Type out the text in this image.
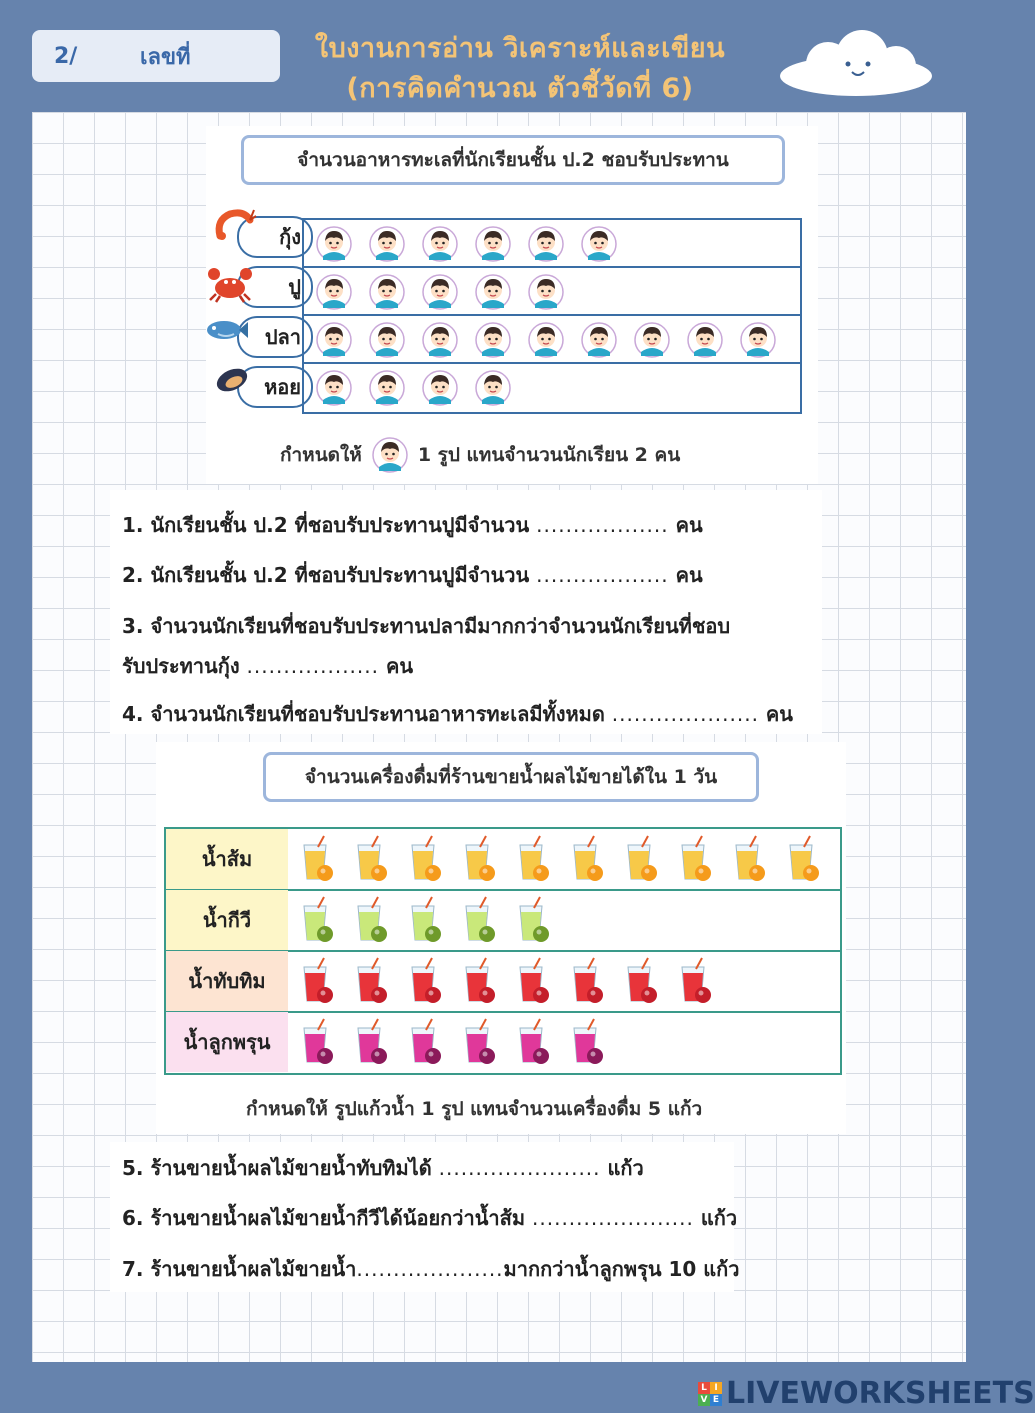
2/	เลขที่	ใบงานการอ่าน วิเคราะห์และเขียน
(การคิดคำนวณ ตัวชี้วัดที่ 6)
จำนวนอาหารทะเลที่นักเรียนชั้น ป.2 ชอบรับประทาน
กุ้ง
ปู
ปลา
หอย
กำหนดให้	1 รูป แทนจำนวนนักเรียน 2 คน
1. นักเรียนชั้น ป.2 ที่ชอบรับประทานปูมีจำนวน .................. คน
2. นักเรียนชั้น ป.2 ที่ชอบรับประทานปูมีจำนวน .................. คน
3. จำนวนนักเรียนที่ชอบรับประทานปลามีมากกว่าจำนวนนักเรียนที่ชอบ
รับประทานกุ้ง .................. คน
4. จำนวนนักเรียนที่ชอบรับประทานอาหารทะเลมีทั้งหมด .................... คน
จำนวนเครื่องดื่มที่ร้านขายน้ำผลไม้ขายได้ใน 1 วัน
น้ำส้ม
น้ำกีวี
น้ำทับทิม
น้ำลูกพรุน
กำหนดให้ รูปแก้วน้ำ 1 รูป แทนจำนวนเครื่องดื่ม 5 แก้ว
5. ร้านขายน้ำผลไม้ขายน้ำทับทิมได้ ...................... แก้ว
6. ร้านขายน้ำผลไม้ขายน้ำกีวีได้น้อยกว่าน้ำส้ม ...................... แก้ว
7. ร้านขายน้ำผลไม้ขายน้ำ....................มากกว่าน้ำลูกพรุน 10 แก้ว
L I
V E LIVEWORKSHEETS
